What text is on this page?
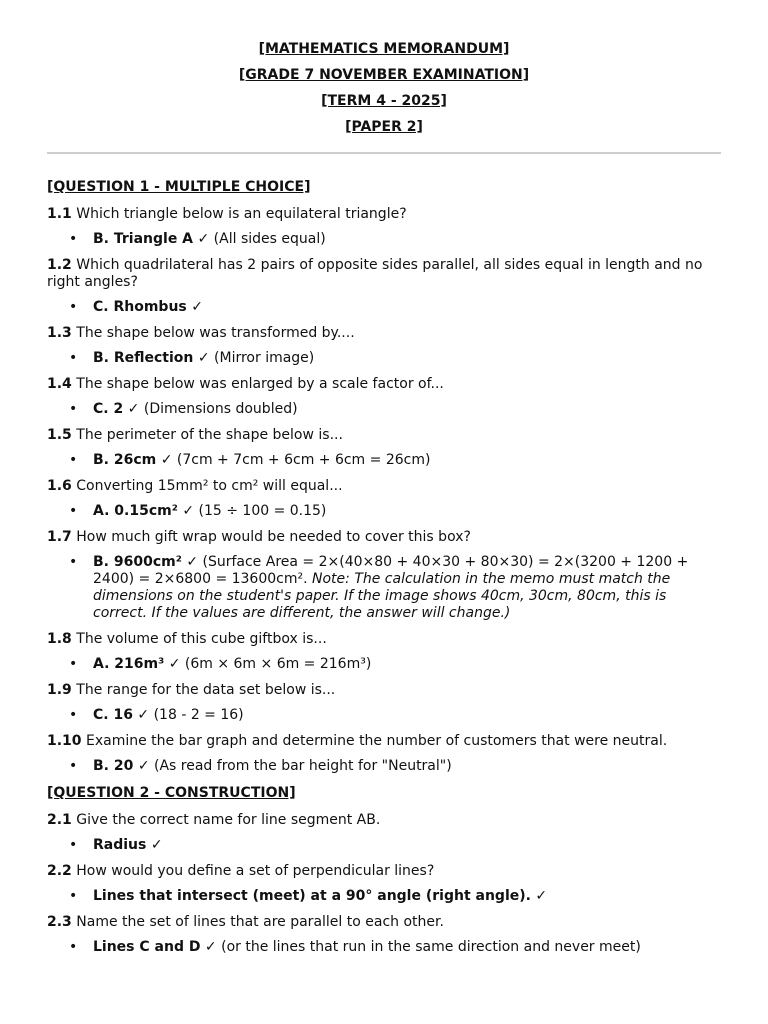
[MATHEMATICS MEMORANDUM]
[GRADE 7 NOVEMBER EXAMINATION]
[TERM 4 - 2025]
[PAPER 2]
[QUESTION 1 - MULTIPLE CHOICE]
1.1 Which triangle below is an equilateral triangle?
• B. Triangle A ✓ (All sides equal)
1.2 Which quadrilateral has 2 pairs of opposite sides parallel, all sides equal in length and no right angles?
• C. Rhombus ✓
1.3 The shape below was transformed by....
• B. Reflection ✓ (Mirror image)
1.4 The shape below was enlarged by a scale factor of...
• C. 2 ✓ (Dimensions doubled)
1.5 The perimeter of the shape below is...
• B. 26cm ✓ (7cm + 7cm + 6cm + 6cm = 26cm)
1.6 Converting 15mm² to cm² will equal...
• A. 0.15cm² ✓ (15 ÷ 100 = 0.15)
1.7 How much gift wrap would be needed to cover this box?
• B. 9600cm² ✓ (Surface Area = 2×(40×80 + 40×30 + 80×30) = 2×(3200 + 1200 + 2400) = 2×6800 = 13600cm². Note: The calculation in the memo must match the dimensions on the student's paper. If the image shows 40cm, 30cm, 80cm, this is correct. If the values are different, the answer will change.)
1.8 The volume of this cube giftbox is...
• A. 216m³ ✓ (6m × 6m × 6m = 216m³)
1.9 The range for the data set below is...
• C. 16 ✓ (18 - 2 = 16)
1.10 Examine the bar graph and determine the number of customers that were neutral.
• B. 20 ✓ (As read from the bar height for "Neutral")
[QUESTION 2 - CONSTRUCTION]
2.1 Give the correct name for line segment AB.
• Radius ✓
2.2 How would you define a set of perpendicular lines?
• Lines that intersect (meet) at a 90° angle (right angle). ✓
2.3 Name the set of lines that are parallel to each other.
• Lines C and D ✓ (or the lines that run in the same direction and never meet)
